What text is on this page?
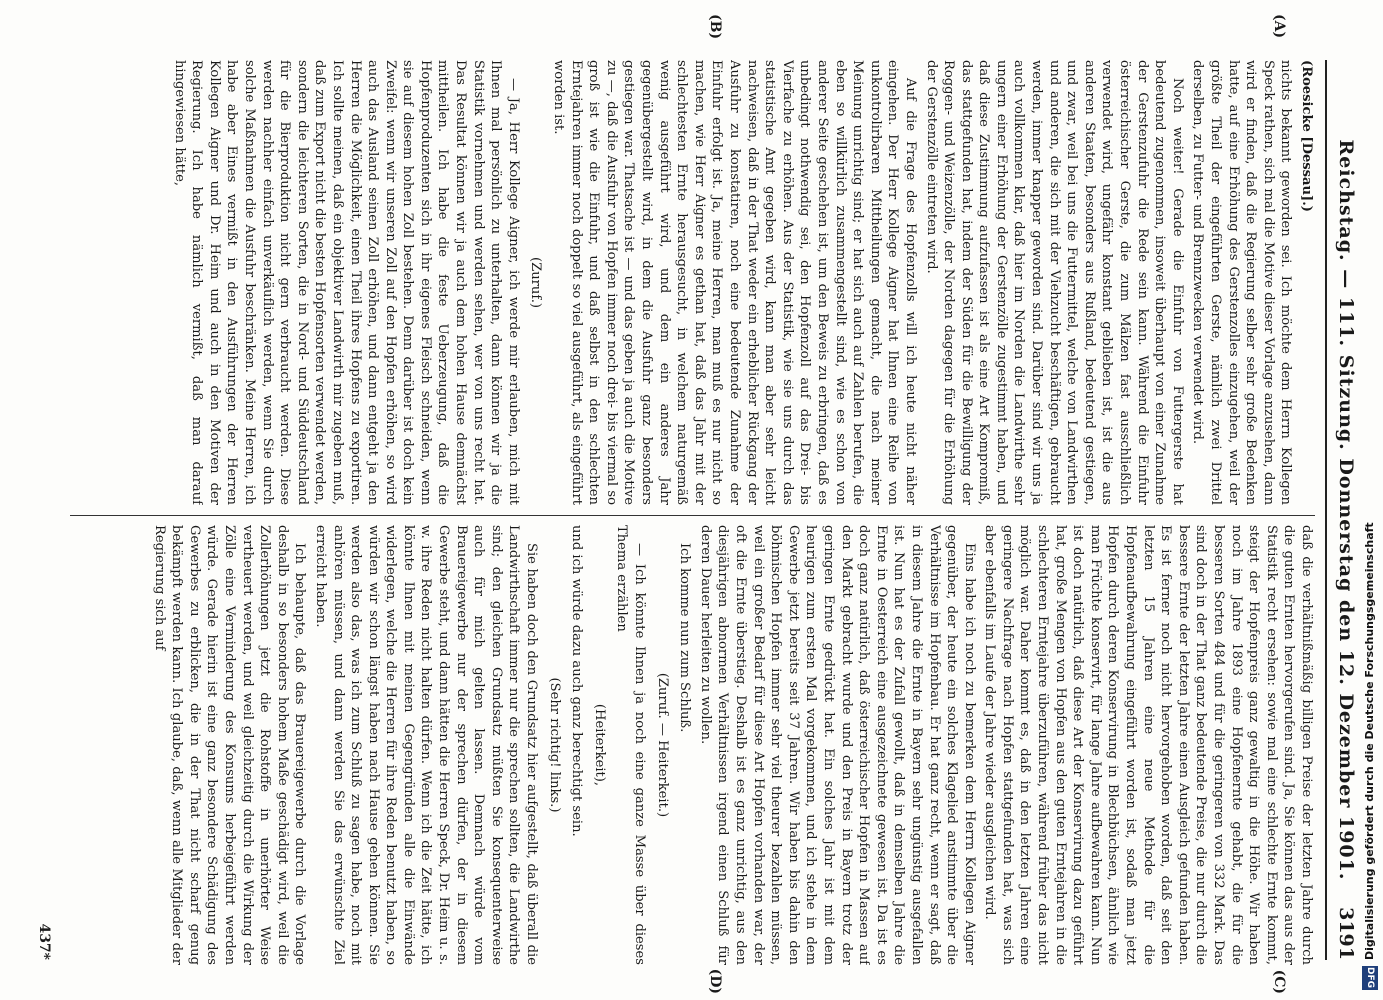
Reichstag. — 111. Sitzung. Donnerstag den 12. Dezember 1901.
3191
(A)
(B)
(C)
(D)

(Roesicke [Dessau].)

nichts bekannt geworden sei. Ich möchte dem Herrn Kollegen Speck rathen, sich mal die Motive dieser Vorlage anzusehen, dann wird er finden, daß die Regierung selber sehr große Bedenken hatte, auf eine Erhöhung des Gerstenzolles einzugehen, weil der größte Theil der eingeführten Gerste, nämlich zwei Drittel derselben, zu Futter- und Brennzwecken verwendet wird.

Noch weiter! Gerade die Einfuhr von Futtergerste hat bedeutend zugenommen, insoweit überhaupt von einer Zunahme der Gerstenzufuhr die Rede sein kann. Während die Einfuhr österreichischer Gerste, die zum Mälzen fast ausschließlich verwendet wird, ungefähr konstant geblieben ist, ist die aus anderen Staaten, besonders aus Rußland, bedeutend gestiegen, und zwar, weil bei uns die Futtermittel, welche von Landwirthen und anderen, die sich mit der Viehzucht beschäftigen, gebraucht werden, immer knapper geworden sind. Darüber sind wir uns ja auch vollkommen klar, daß hier im Norden die Landwirthe sehr ungern einer Erhöhung der Gerstenzölle zugestimmt haben, und daß diese Zustimmung aufzufassen ist als eine Art Kompromiß, das stattgefunden hat, indem der Süden für die Bewilligung der Roggen- und Weizenzölle, der Norden dagegen für die Erhöhung der Gerstenzölle eintreten wird.

Auf die Frage des Hopfenzolls will ich heute nicht näher eingehen. Der Herr Kollege Aigner hat Ihnen eine Reihe von unkontrolirbaren Mittheilungen gemacht, die nach meiner Meinung unrichtig sind; er hat sich auch auf Zahlen berufen, die eben so willkürlich zusammengestellt sind, wie es schon von anderer Seite geschehen ist, um den Beweis zu erbringen, daß es unbedingt nothwendig sei, den Hopfenzoll auf das Drei- bis Vierfache zu erhöhen. Aus der Statistik, wie sie uns durch das statistische Amt gegeben wird, kann man aber sehr leicht nachweisen, daß in der That weder ein erheblicher Rückgang der Ausfuhr zu konstatiren, noch eine bedeutende Zunahme der Einfuhr erfolgt ist. Ja, meine Herren, man muß es nur nicht so machen, wie Herr Aigner es gethan hat, daß das Jahr mit der schlechtesten Ernte herausgesucht, in welchem naturgemäß wenig ausgeführt wird, und dem ein anderes Jahr gegenübergestellt wird, in dem die Ausfuhr ganz besonders gestiegen war. Thatsache ist — und das geben ja auch die Motive zu —, daß die Ausfuhr von Hopfen immer noch drei- bis viermal so groß ist wie die Einfuhr, und daß selbst in den schlechten Erntejahren immer noch doppelt so viel ausgeführt, als eingeführt worden ist.

(Zuruf.)

— Ja, Herr Kollege Aigner, ich werde mir erlauben, mich mit Ihnen mal persönlich zu unterhalten, dann können wir ja die Statistik vornehmen und werden sehen, wer von uns recht hat. Das Resultat können wir ja auch dem hohen Hause demnächst mittheilen. Ich habe die feste Ueberzeugung, daß die Hopfenproduzenten sich in ihr eigenes Fleisch schneiden, wenn sie auf diesem hohen Zoll bestehen. Denn darüber ist doch kein Zweifel: wenn wir unseren Zoll auf den Hopfen erhöhen, so wird auch das Ausland seinen Zoll erhöhen, und dann entgeht ja den Herren die Möglichkeit, einen Theil ihres Hopfens zu exportiren. Ich sollte meinen, daß ein objektiver Landwirth mir zugeben muß, daß zum Export nicht die besten Hopfensorten verwendet werden, sondern die leichteren Sorten, die in Nord- und Süddeutschland für die Bierproduktion nicht gern verbraucht werden. Diese werden nachher einfach unverkäuflich werden, wenn Sie durch solche Maßnahmen die Ausfuhr beschränken. Meine Herren, ich habe aber Eines vermißt in den Ausführungen der Herren Kollegen Aigner und Dr. Heim und auch in den Motiven der Regierung. Ich habe nämlich vermißt, daß man darauf hingewiesen hätte,

daß die verhältnißmäßig billigen Preise der letzten Jahre durch die guten Ernten hervorgerufen sind. Ja, Sie können das aus der Statistik recht ersehen: sowie mal eine schlechte Ernte kommt, steigt der Hopfenpreis ganz gewaltig in die Höhe. Wir haben noch im Jahre 1893 eine Hopfenernte gehabt, die für die besseren Sorten 484 und für die geringeren von 332 Mark. Das sind doch in der That ganz bedeutende Preise, die nur durch die bessere Ernte der letzten Jahre einen Ausgleich gefunden haben. Es ist ferner noch nicht hervorgehoben worden, daß seit den letzten 15 Jahren eine neue Methode für die Hopfenaufbewahrung eingeführt worden ist, sodaß man jetzt Hopfen durch deren Konservirung in Blechbüchsen, ähnlich wie man Früchte konservirt, für lange Jahre aufbewahren kann. Nun ist doch natürlich, daß diese Art der Konservirung dazu geführt hat, große Mengen von Hopfen aus den guten Erntejahren in die schlechteren Erntejahre überzuführen, während früher das nicht möglich war. Daher kommt es, daß in den letzten Jahren eine geringere Nachfrage nach Hopfen stattgefunden hat, was sich aber ebenfalls im Laufe der Jahre wieder ausgleichen wird.

Eins habe ich noch zu bemerken dem Herrn Kollegen Aigner gegenüber, der heute ein solches Klagelied anstimmte über die Verhältnisse im Hopfenbau. Er hat ganz recht, wenn er sagt, daß in diesem Jahre die Ernte in Bayern sehr ungünstig ausgefallen ist. Nun hat es der Zufall gewollt, daß in demselben Jahre die Ernte in Oesterreich eine ausgezeichnete gewesen ist. Da ist es doch ganz natürlich, daß österreichischer Hopfen in Massen auf den Markt gebracht wurde und den Preis in Bayern trotz der geringen Ernte gedrückt hat. Ein solches Jahr ist mit dem heurigen zum ersten Mal vorgekommen, und ich stehe in dem Gewerbe jetzt bereits seit 37 Jahren. Wir haben bis dahin den böhmischen Hopfen immer sehr viel theurer bezahlen müssen, weil ein großer Bedarf für diese Art Hopfen vorhanden war, der oft die Ernte überstieg. Deshalb ist es ganz unrichtig, aus den diesjährigen abnormen Verhältnissen irgend einen Schluß für deren Dauer herleiten zu wollen.

Ich komme nun zum Schluß.

(Zuruf. — Heiterkeit.)

— Ich könnte Ihnen ja noch eine ganze Masse über dieses Thema erzählen

(Heiterkeit),

und ich würde dazu auch ganz berechtigt sein.

(Sehr richtig! links.)

Sie haben doch den Grundsatz hier aufgestellt, daß überall die Landwirthschaft immer nur die sprechen sollten, die Landwirthe sind; den gleichen Grundsatz müßten Sie konsequenterweise auch für mich gelten lassen. Demnach würde vom Brauereigewerbe nur der sprechen dürfen, der in diesem Gewerbe steht, und dann hätten die Herren Speck, Dr. Heim u. s. w. ihre Reden nicht halten dürfen. Wenn ich die Zeit hätte, ich könnte Ihnen mit meinen Gegengründen alle die Einwände widerlegen, welche die Herren für ihre Reden benutzt haben, so würden wir schon längst haben nach Hause gehen können. Sie werden also das, was ich zum Schluß zu sagen habe, noch mit anhören müssen, und dann werden Sie das erwünschte Ziel erreicht haben.

Ich behaupte, daß das Brauereigewerbe durch die Vorlage deshalb in so besonders hohem Maße geschädigt wird, weil die Zollerhöhungen jetzt die Rohstoffe in unerhörter Weise vertheuert werden, und weil gleichzeitig durch die Wirkung der Zölle eine Verminderung des Konsums herbeigeführt werden würde. Gerade hierin ist eine ganz besondere Schädigung des Gewerbes zu erblicken, die in der That nicht scharf genug bekämpft werden kann. Ich glaube, daß, wenn alle Mitglieder der Regierung sich auf

437*	Digitalisierung gefördert durch die Deutsche Forschungsgemeinschaft
DFG
